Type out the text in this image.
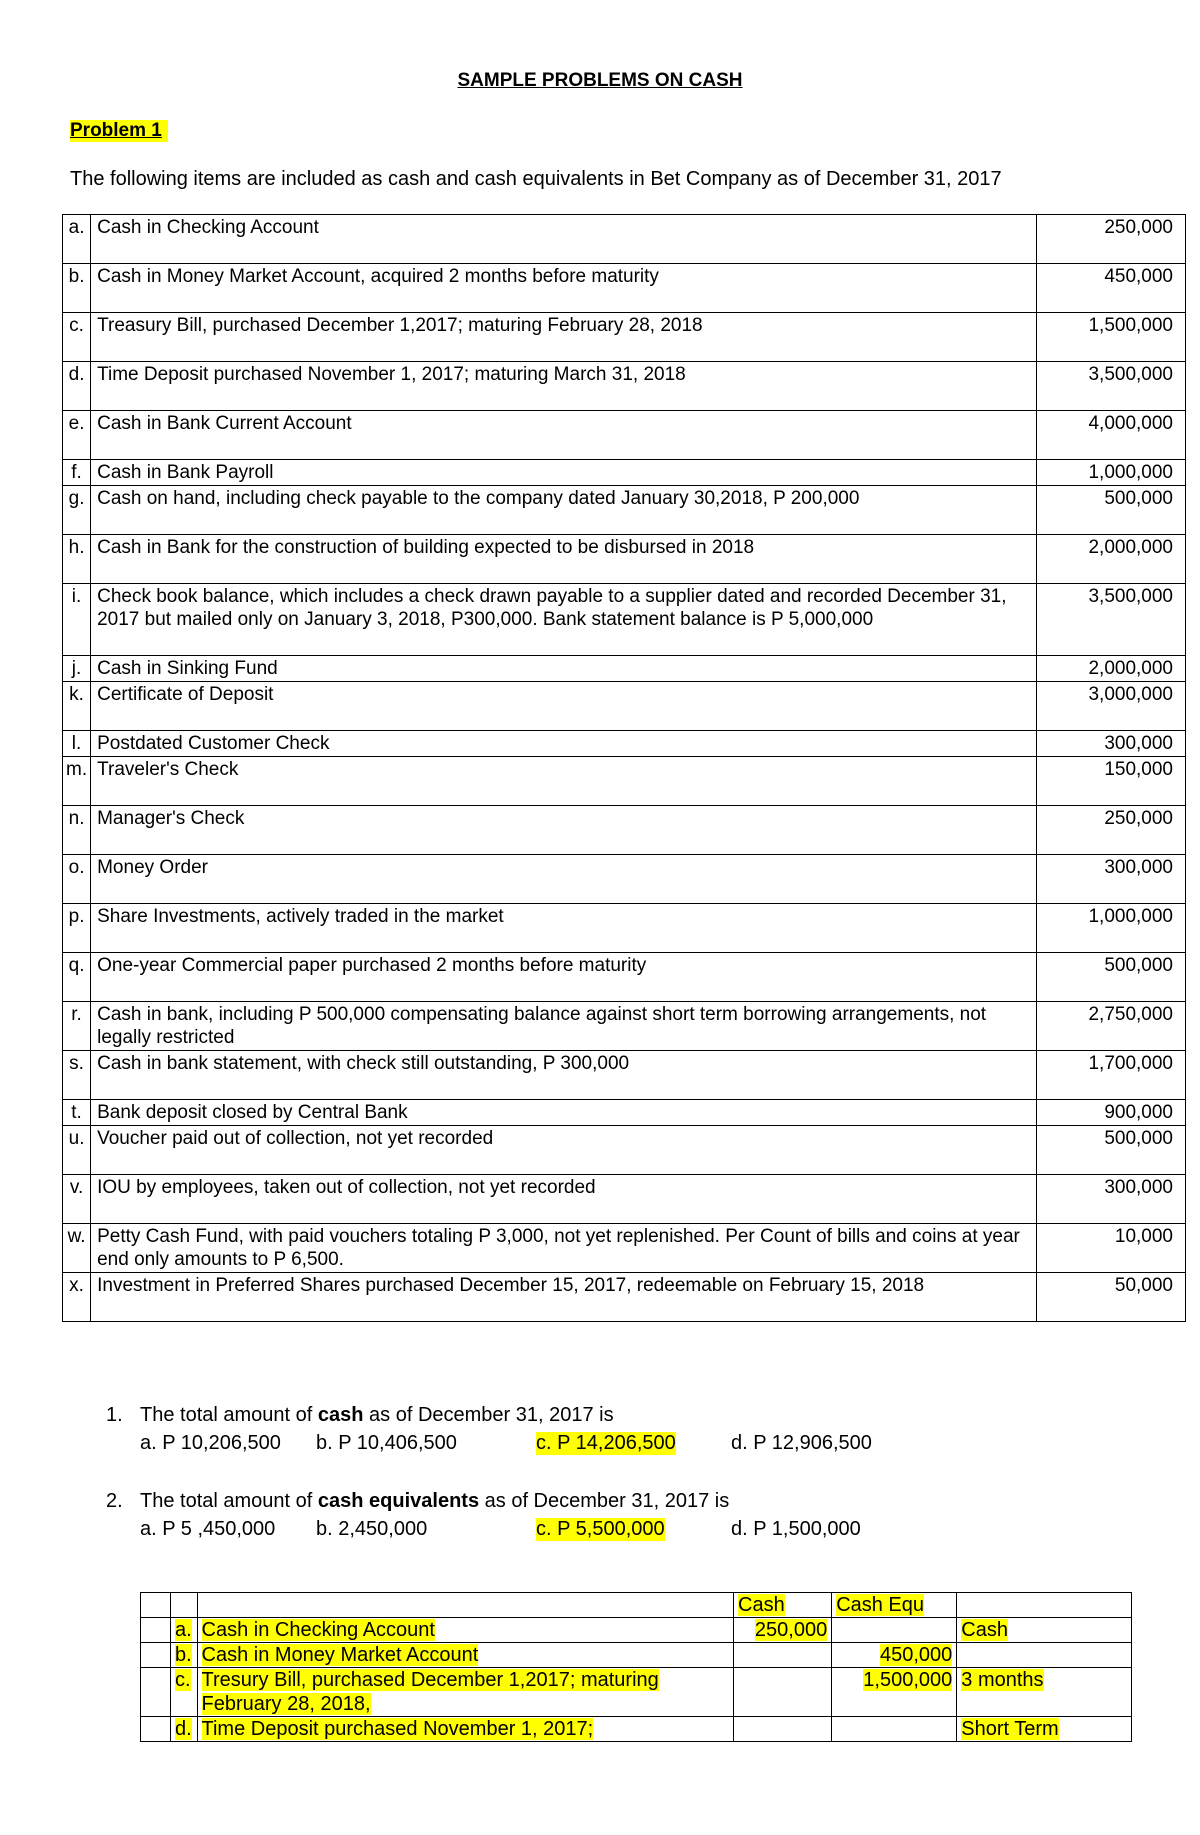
SAMPLE PROBLEMS ON CASH
Problem 1
The following items are included as cash and cash equivalents in Bet Company as of December 31, 2017
a.	Cash in Checking Account	250,000
b.	Cash in Money Market Account, acquired 2 months before maturity	450,000
c.	Treasury Bill, purchased December 1,2017; maturing February 28, 2018	1,500,000
d.	Time Deposit purchased November 1, 2017; maturing March 31, 2018	3,500,000
e.	Cash in Bank Current Account	4,000,000
f.	Cash in Bank Payroll	1,000,000
g.	Cash on hand, including check payable to the company dated January 30,2018, P 200,000	500,000
h.	Cash in Bank for the construction of building expected to be disbursed in 2018	2,000,000
i.	Check book balance, which includes a check drawn payable to a supplier dated and recorded December 31, 2017 but mailed only on January 3, 2018, P300,000. Bank statement balance is P 5,000,000	3,500,000
j.	Cash in Sinking Fund	2,000,000
k.	Certificate of Deposit	3,000,000
l.	Postdated Customer Check	300,000
m.	Traveler's Check	150,000
n.	Manager's Check	250,000
o.	Money Order	300,000
p.	Share Investments, actively traded in the market	1,000,000
q.	One-year Commercial paper purchased 2 months before maturity	500,000
r.	Cash in bank, including P 500,000 compensating balance against short term borrowing arrangements, not legally restricted	2,750,000
s.	Cash in bank statement, with check still outstanding, P 300,000	1,700,000
t.	Bank deposit closed by Central Bank	900,000
u.	Voucher paid out of collection, not yet recorded	500,000
v.	IOU by employees, taken out of collection, not yet recorded	300,000
w.	Petty Cash Fund, with paid vouchers totaling P 3,000, not yet replenished. Per Count of bills and coins at year end only amounts to P 6,500.	10,000
x.	Investment in Preferred Shares purchased December 15, 2017, redeemable on February 15, 2018	50,000
1. The total amount of cash as of December 31, 2017 is
a. P 10,206,500 b. P 10,406,500	c. P 14,206,500	d. P 12,906,500
2. The total amount of cash equivalents as of December 31, 2017 is
a. P 5 ,450,000 b. 2,450,000	c. P 5,500,000	d. P 1,500,000
			Cash	Cash Equ	
	a.	Cash in Checking Account	250,000		Cash
	b.	Cash in Money Market Account		450,000	
	c.	Tresury Bill, purchased December 1,2017; maturing February 28, 2018,		1,500,000	3 months
	d.	Time Deposit purchased November 1, 2017;			Short Term
